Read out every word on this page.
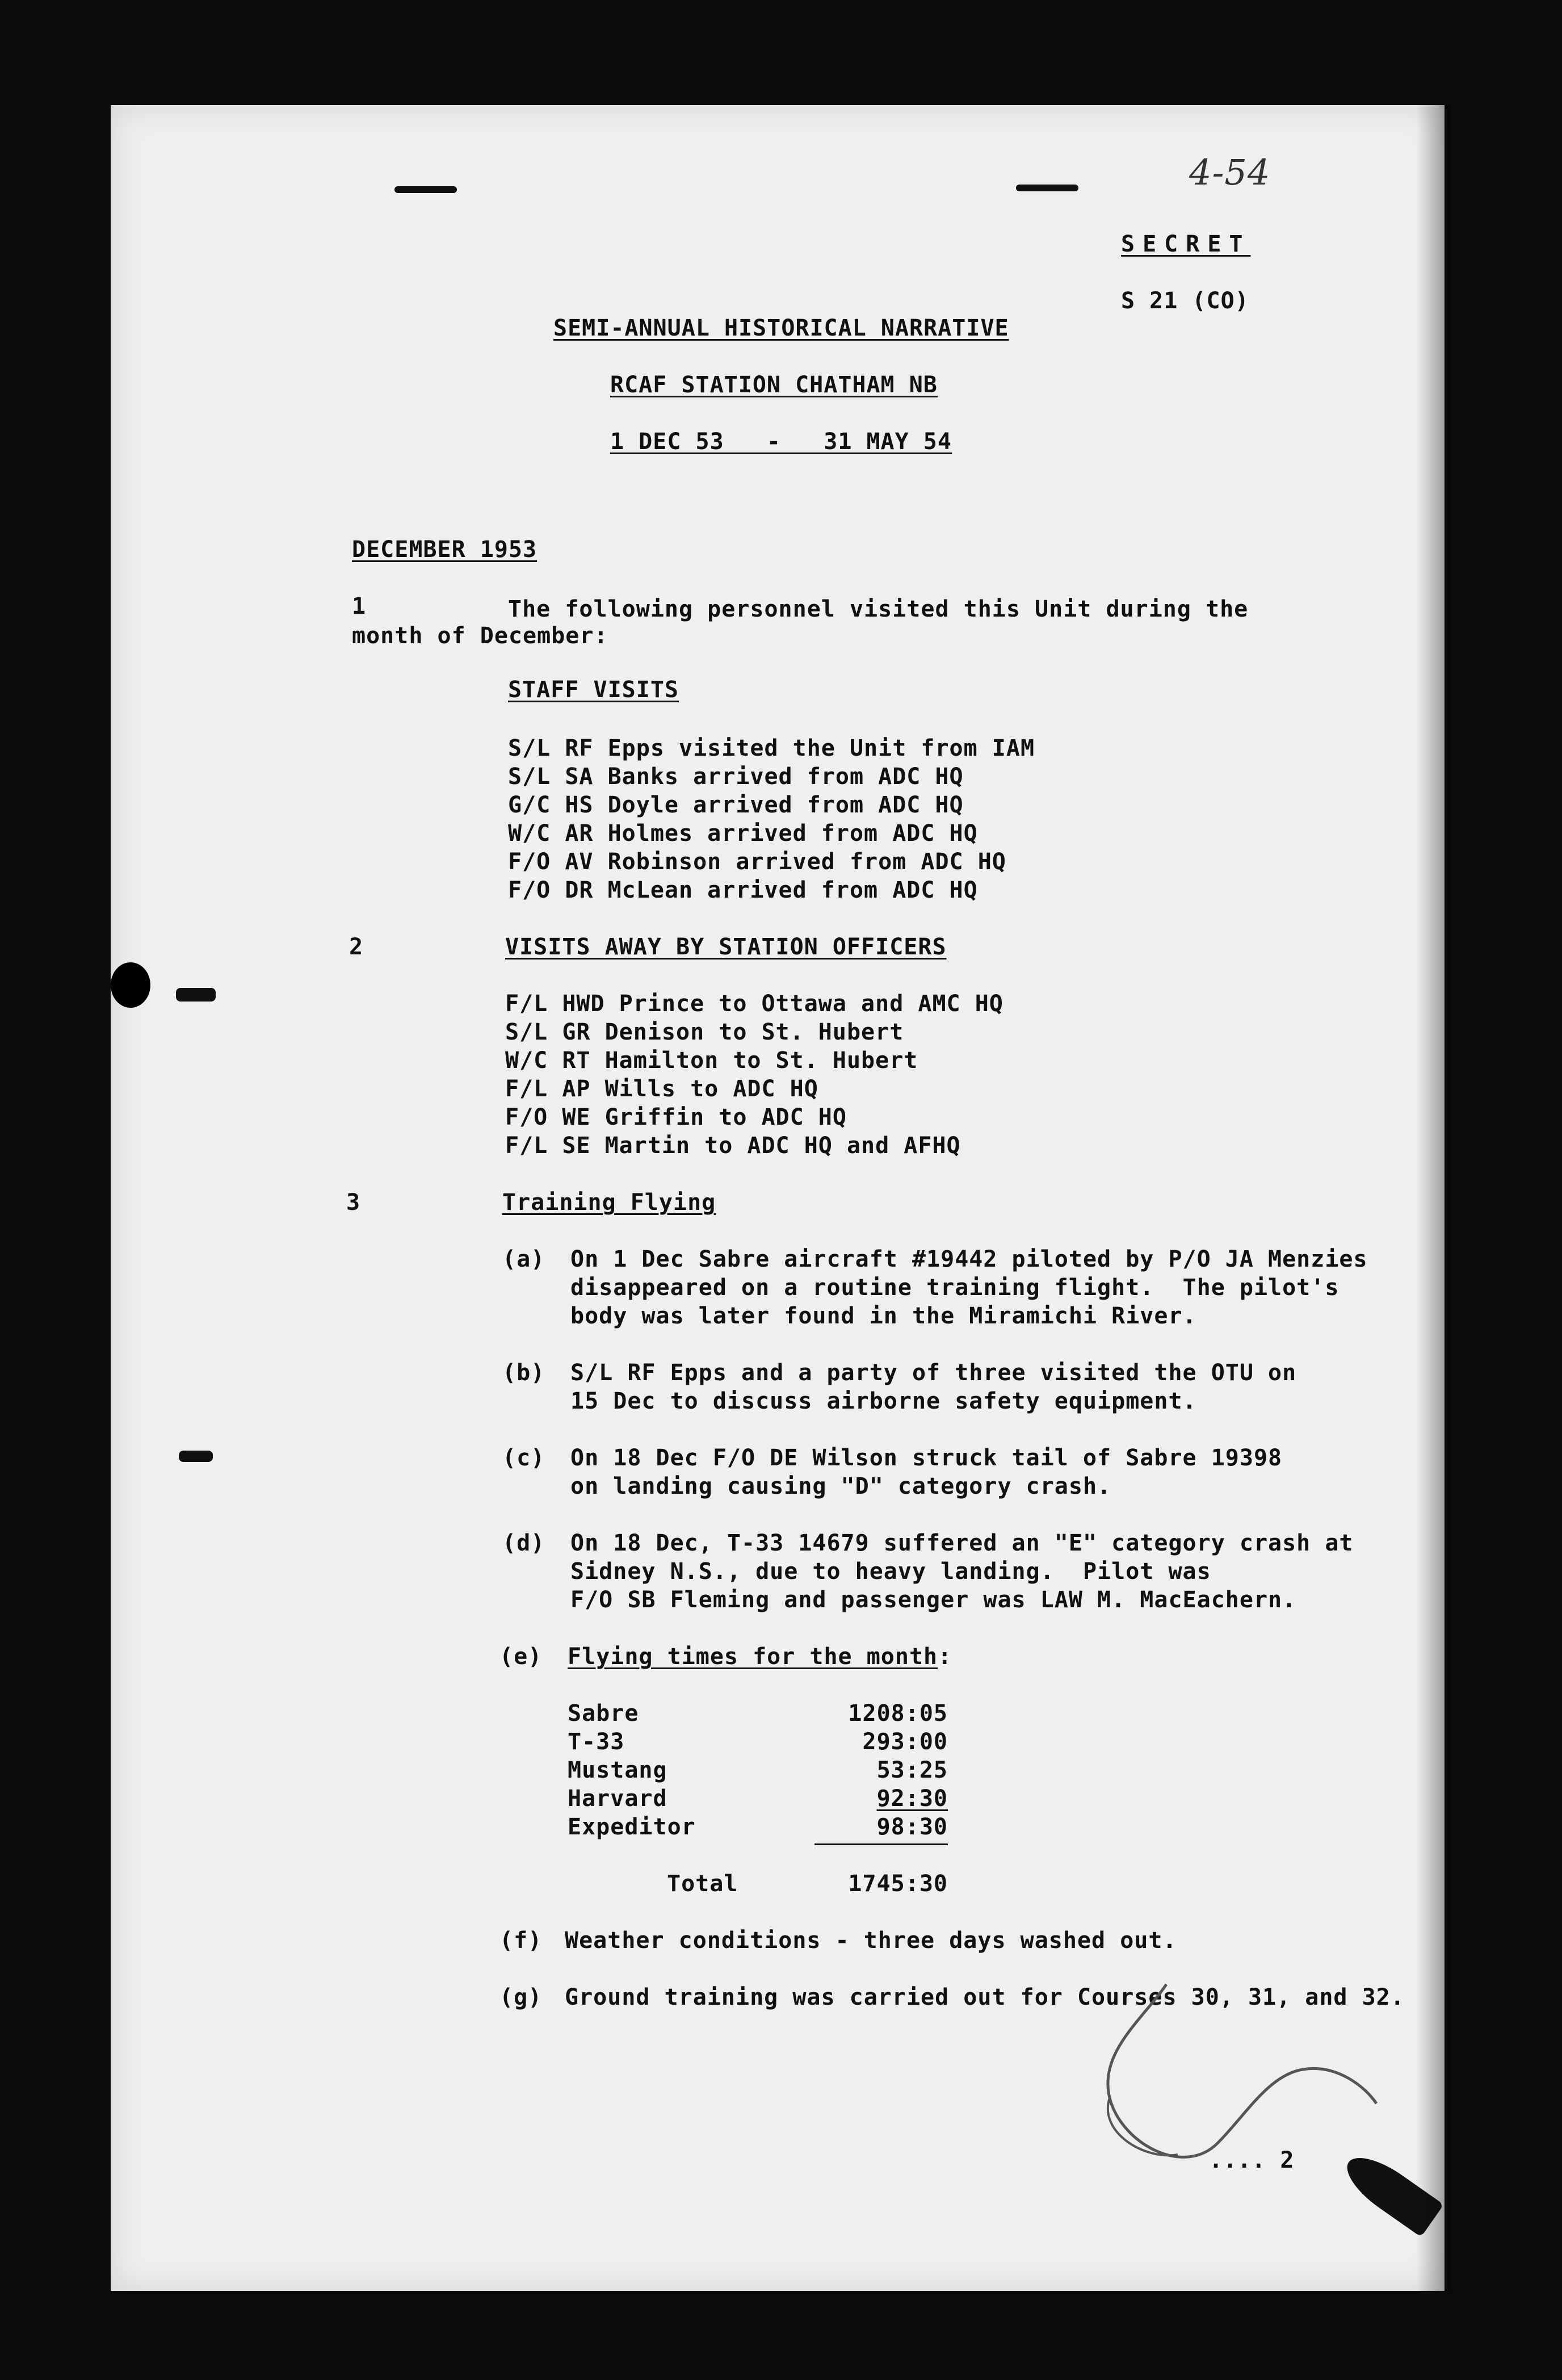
4-54
SECRET
S 21 (CO)
SEMI-ANNUAL HISTORICAL NARRATIVE
RCAF STATION CHATHAM NB
1 DEC 53   -   31 MAY 54
DECEMBER 1953
1	The following personnel visited this Unit during the
month of December:
STAFF VISITS
S/L RF Epps visited the Unit from IAM
S/L SA Banks arrived from ADC HQ
G/C HS Doyle arrived from ADC HQ
W/C AR Holmes arrived from ADC HQ
F/O AV Robinson arrived from ADC HQ
F/O DR McLean arrived from ADC HQ
2	VISITS AWAY BY STATION OFFICERS
F/L HWD Prince to Ottawa and AMC HQ
S/L GR Denison to St. Hubert
W/C RT Hamilton to St. Hubert
F/L AP Wills to ADC HQ
F/O WE Griffin to ADC HQ
F/L SE Martin to ADC HQ and AFHQ
3	Training Flying
(a) On 1 Dec Sabre aircraft #19442 piloted by P/O JA Menzies
disappeared on a routine training flight.  The pilot's
body was later found in the Miramichi River.
(b) S/L RF Epps and a party of three visited the OTU on
15 Dec to discuss airborne safety equipment.
(c) On 18 Dec F/O DE Wilson struck tail of Sabre 19398
on landing causing "D" category crash.
(d) On 18 Dec, T-33 14679 suffered an "E" category crash at
Sidney N.S., due to heavy landing.  Pilot was
F/O SB Fleming and passenger was LAW M. MacEachern.
(e) Flying times for the month:
Sabre	1208:05
T-33	293:00
Mustang	53:25
Harvard	92:30
Expeditor	98:30
Total	1745:30
(f) Weather conditions - three days washed out.
(g) Ground training was carried out for Courses 30, 31, and 32.
.... 2
